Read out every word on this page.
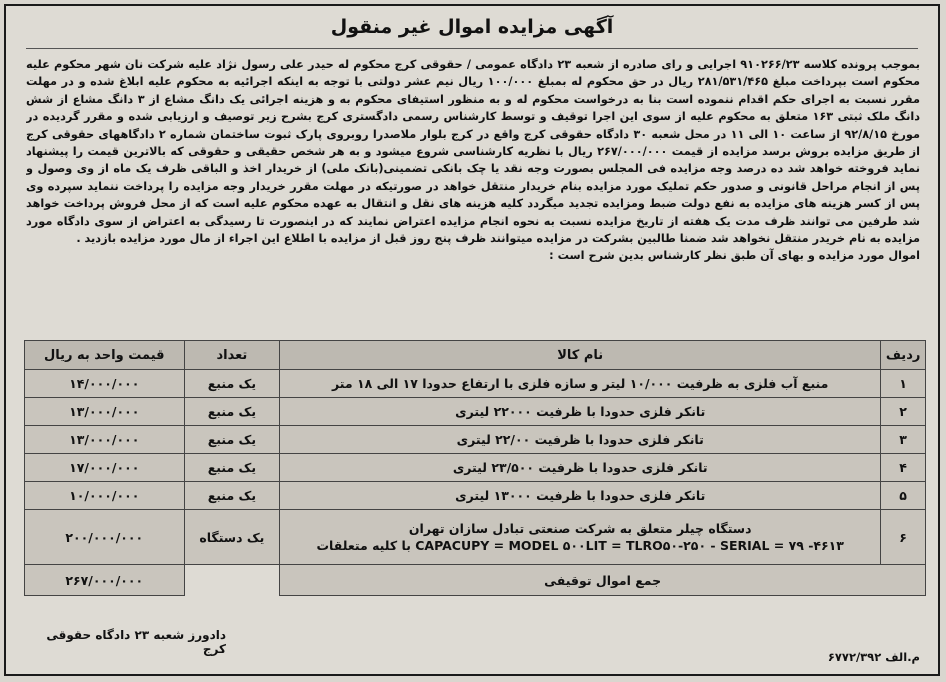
آگهی مزایده اموال غیر منقول
بموجب پرونده کلاسه ۹۱۰۲۶۶/۲۳ اجرایی و رای صادره از شعبه ۲۳ دادگاه عمومی / حقوقی کرج محکوم له حیدر علی رسول نژاد علیه شرکت نان شهر محکوم علیه محکوم است بپرداخت مبلغ ۲۸۱/۵۳۱/۴۶۵ ریال در حق محکوم له بمبلغ ۱۰۰/۰۰۰ ریال نیم عشر دولتی با توجه به اینکه اجرائیه به محکوم علیه ابلاغ شده و در مهلت مقرر نسبت به اجرای حکم اقدام ننموده است بنا به درخواست محکوم له و به منظور استیفای محکوم به و هزینه اجرائی یک دانگ مشاع از ۳ دانگ مشاع از شش دانگ ملک ثبتی ۱۶۳ متعلق به محکوم علیه از سوی این اجرا توقیف و توسط کارشناس رسمی دادگستری کرج بشرح زیر توصیف و ارزیابی شده و مقرر گردیده در مورخ ۹۲/۸/۱۵ از ساعت ۱۰ الی ۱۱ در محل شعبه ۳۰ دادگاه حقوقی کرج واقع در کرج بلوار ملاصدرا روبروی پارک ثبوت ساختمان شماره ۲ دادگاههای حقوقی کرج از طریق مزایده بروش برسد مزایده از قیمت ۲۶۷/۰۰۰/۰۰۰ ریال با نظریه کارشناسی شروع میشود و به هر شخص حقیقی و حقوقی که بالاترین قیمت را پیشنهاد نماید فروخته خواهد شد ده درصد وجه مزایده فی المجلس بصورت وجه نقد یا چک بانکی تضمینی(بانک ملی) از خریدار اخذ و الباقی ظرف یک ماه از وی وصول و پس از انجام مراحل قانونی و صدور حکم تملیک مورد مزایده بنام خریدار منتقل خواهد در صورتیکه در مهلت مقرر خریدار وجه مزایده را پرداخت ننماید سپرده وی پس از کسر هزینه های مزایده به نفع دولت ضبط ومزایده تجدید میگردد کلیه هزینه های نقل و انتقال به عهده محکوم علیه است که از محل فروش پرداخت خواهد شد طرفین می توانند ظرف مدت یک هفته از تاریخ مزایده نسبت به نحوه انجام مزایده اعتراض نمایند که در اینصورت تا رسیدگی به اعتراض از سوی دادگاه مورد مزایده به نام خریدر منتقل نخواهد شد ضمنا طالبین بشرکت در مزایده میتوانند ظرف پنج روز قبل از مزایده با اطلاع این اجراء از مال مورد مزایده بازدید .
اموال مورد مزایده و بهای آن طبق نظر کارشناس بدین شرح است :
ردیف	نام کالا	تعداد	قیمت واحد به ریال
۱	منبع آب فلزی به ظرفیت ۱۰/۰۰۰ لیتر و سازه فلزی با ارتفاع حدودا ۱۷ الی ۱۸ متر	یک منبع	۱۴/۰۰۰/۰۰۰
۲	تانکر فلزی حدودا با ظرفیت ۲۲۰۰۰ لیتری	یک منبع	۱۳/۰۰۰/۰۰۰
۳	تانکر فلزی حدودا با ظرفیت ۲۲/۰۰ لیتری	یک منبع	۱۳/۰۰۰/۰۰۰
۴	تانکر فلزی حدودا با ظرفیت ۲۳/۵۰۰ لیتری	یک منبع	۱۷/۰۰۰/۰۰۰
۵	تانکر فلزی حدودا با ظرفیت ۱۳۰۰۰ لیتری	یک منبع	۱۰/۰۰۰/۰۰۰
۶	دستگاه چیلر متعلق به شرکت صنعتی تبادل سازان تهران
CAPACUPY = MODEL ۵۰۰LIT = TLRO۵۰-۲۵۰ - SERIAL = ۷۹ -۴۶۱۳ با کلیه متعلقات	یک دستگاه	۲۰۰/۰۰۰/۰۰۰
جمع اموال توقیفی			۲۶۷/۰۰۰/۰۰۰
دادورز شعبه ۲۳ دادگاه حقوقی کرج
م.الف ۶۷۷۲/۳۹۲
